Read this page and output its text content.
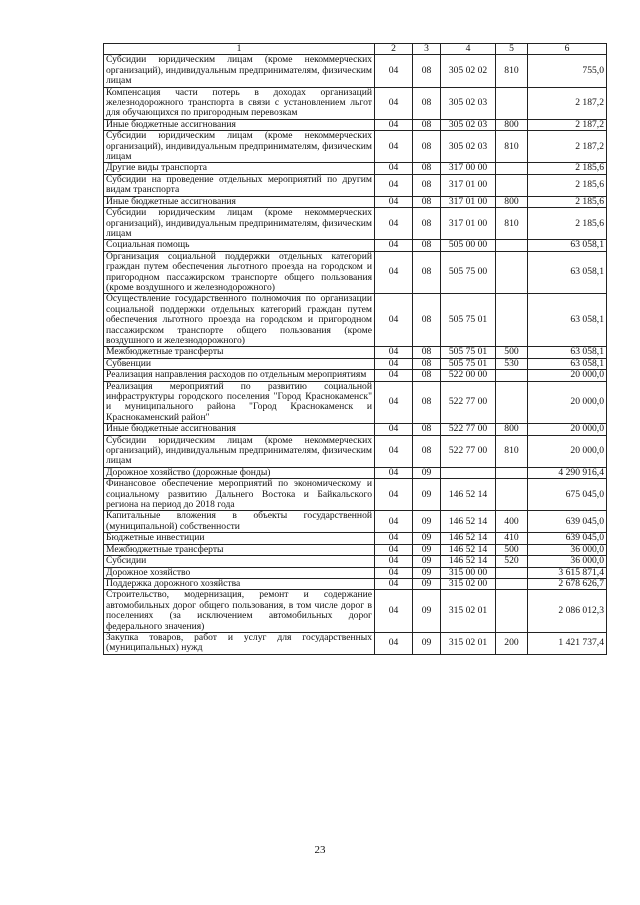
1	2	3	4	5	6
Субсидии юридическим лицам (кроме некоммерческих организаций), индивидуальным предпринимателям, физическим лицам	04	08	305 02 02	810	755,0
Компенсация части потерь в доходах организаций железнодорожного транспорта в связи с установлением льгот для обучающихся по пригородным перевозкам	04	08	305 02 03		2 187,2
Иные бюджетные ассигнования	04	08	305 02 03	800	2 187,2
Субсидии юридическим лицам (кроме некоммерческих организаций), индивидуальным предпринимателям, физическим лицам	04	08	305 02 03	810	2 187,2
Другие виды транспорта	04	08	317 00 00		2 185,6
Субсидии на проведение отдельных мероприятий по другим видам транспорта	04	08	317 01 00		2 185,6
Иные бюджетные ассигнования	04	08	317 01 00	800	2 185,6
Субсидии юридическим лицам (кроме некоммерческих организаций), индивидуальным предпринимателям, физическим лицам	04	08	317 01 00	810	2 185,6
Социальная помощь	04	08	505 00 00		63 058,1
Организация социальной поддержки отдельных категорий граждан путем обеспечения льготного проезда на городском и пригородном пассажирском транспорте общего пользования (кроме воздушного и железнодорожного)	04	08	505 75 00		63 058,1
Осуществление государственного полномочия по организации социальной поддержки отдельных категорий граждан путем обеспечения льготного проезда на городском и пригородном пассажирском транспорте общего пользования (кроме воздушного и железнодорожного)	04	08	505 75 01		63 058,1
Межбюджетные трансферты	04	08	505 75 01	500	63 058,1
Субвенции	04	08	505 75 01	530	63 058,1
Реализация направления расходов по отдельным мероприятиям	04	08	522 00 00		20 000,0
Реализация мероприятий по развитию социальной инфраструктуры городского поселения "Город Краснокаменск" и муниципального района "Город Краснокаменск и Краснокаменский район"	04	08	522 77 00		20 000,0
Иные бюджетные ассигнования	04	08	522 77 00	800	20 000,0
Субсидии юридическим лицам (кроме некоммерческих организаций), индивидуальным предпринимателям, физическим лицам	04	08	522 77 00	810	20 000,0
Дорожное хозяйство (дорожные фонды)	04	09			4 290 916,4
Финансовое обеспечение мероприятий по экономическому и социальному развитию Дальнего Востока и Байкальского региона на период до 2018 года	04	09	146 52 14		675 045,0
Капитальные вложения в объекты государственной (муниципальной) собственности	04	09	146 52 14	400	639 045,0
Бюджетные инвестиции	04	09	146 52 14	410	639 045,0
Межбюджетные трансферты	04	09	146 52 14	500	36 000,0
Субсидии	04	09	146 52 14	520	36 000,0
Дорожное хозяйство	04	09	315 00 00		3 615 871,4
Поддержка дорожного хозяйства	04	09	315 02 00		2 678 626,7
Строительство, модернизация, ремонт и содержание автомобильных дорог общего пользования, в том числе дорог в поселениях (за исключением автомобильных дорог федерального значения)	04	09	315 02 01		2 086 012,3
Закупка товаров, работ и услуг для государственных (муниципальных) нужд	04	09	315 02 01	200	1 421 737,4
23
